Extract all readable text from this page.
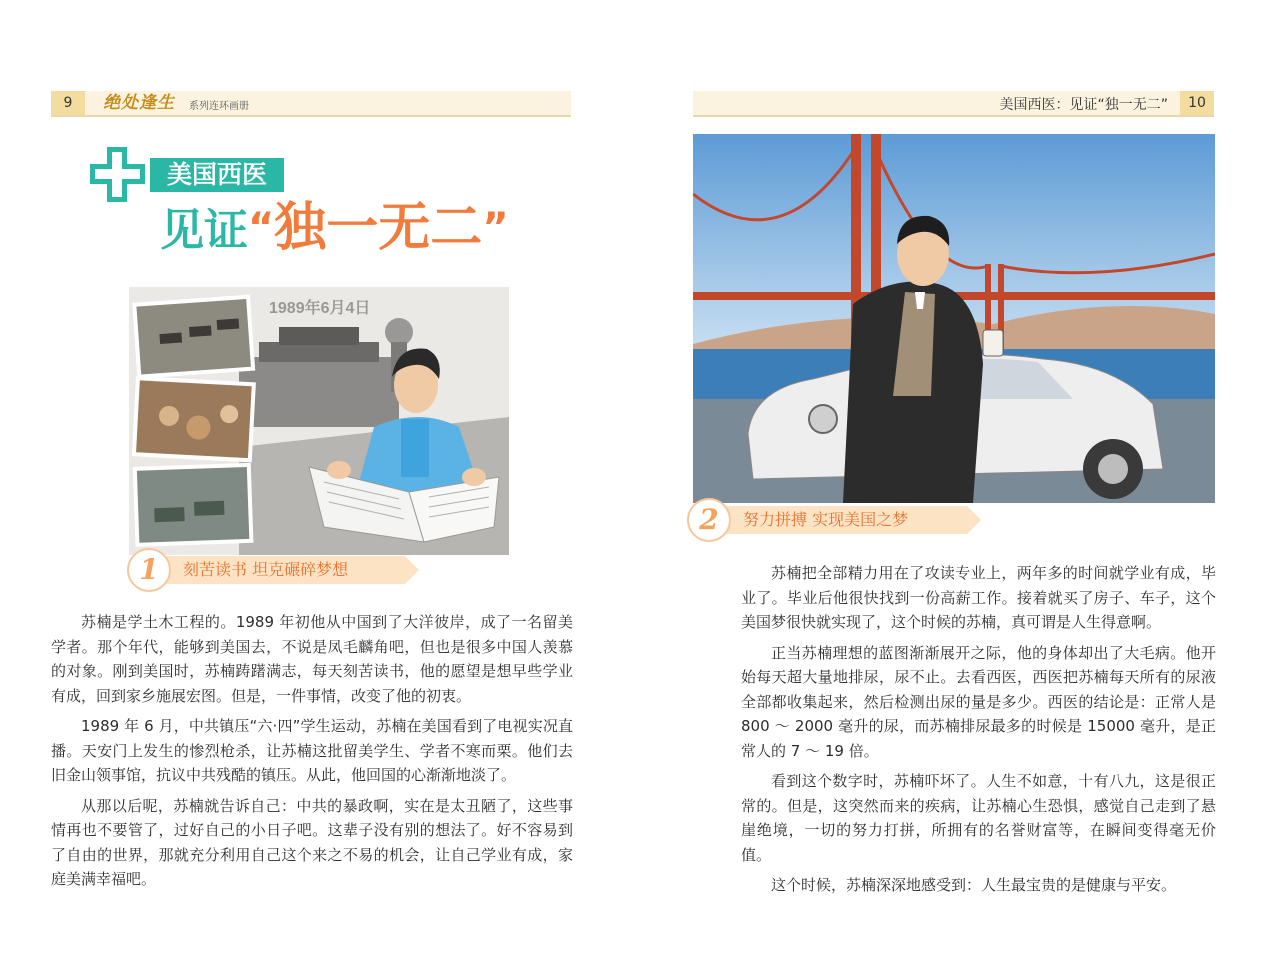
9	绝处逢生 系列连环画册
美国西医
见证“独一无二”
1989年6月4日
1	刻苦读书 坦克碾碎梦想

苏楠是学土木工程的。1989 年初他从中国到了大洋彼岸，成了一名留美学者。那个年代，能够到美国去，不说是凤毛麟角吧，但也是很多中国人羡慕的对象。刚到美国时，苏楠踌躇满志，每天刻苦读书，他的愿望是想早些学业有成，回到家乡施展宏图。但是，一件事情，改变了他的初衷。

1989 年 6 月，中共镇压“六·四”学生运动，苏楠在美国看到了电视实况直播。天安门上发生的惨烈枪杀，让苏楠这批留美学生、学者不寒而栗。他们去旧金山领事馆，抗议中共残酷的镇压。从此，他回国的心渐渐地淡了。

从那以后呢，苏楠就告诉自己：中共的暴政啊，实在是太丑陋了，这些事情再也不要管了，过好自己的小日子吧。这辈子没有别的想法了。好不容易到了自由的世界，那就充分利用自己这个来之不易的机会，让自己学业有成，家庭美满幸福吧。

美国西医：见证“独一无二”	10
2	努力拼搏 实现美国之梦

苏楠把全部精力用在了攻读专业上，两年多的时间就学业有成，毕业了。毕业后他很快找到一份高薪工作。接着就买了房子、车子，这个美国梦很快就实现了，这个时候的苏楠，真可谓是人生得意啊。

正当苏楠理想的蓝图渐渐展开之际，他的身体却出了大毛病。他开始每天超大量地排尿，尿不止。去看西医，西医把苏楠每天所有的尿液全部都收集起来，然后检测出尿的量是多少。西医的结论是：正常人是 800 ～ 2000 毫升的尿，而苏楠排尿最多的时候是 15000 毫升，是正常人的 7 ～ 19 倍。

看到这个数字时，苏楠吓坏了。人生不如意，十有八九，这是很正常的。但是，这突然而来的疾病，让苏楠心生恐惧，感觉自己走到了悬崖绝境，一切的努力打拼，所拥有的名誉财富等，在瞬间变得毫无价值。

这个时候，苏楠深深地感受到：人生最宝贵的是健康与平安。
